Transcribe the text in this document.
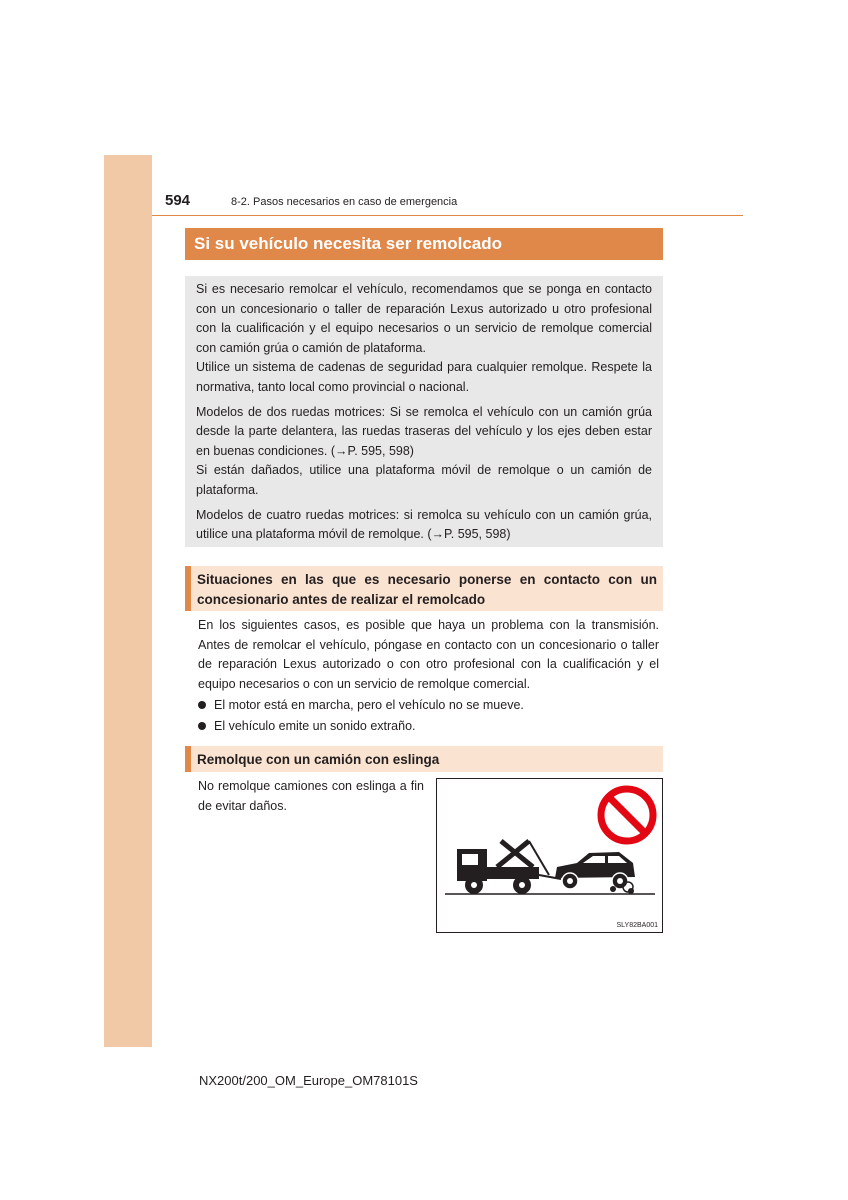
594	8-2. Pasos necesarios en caso de emergencia
Si su vehículo necesita ser remolcado

Si es necesario remolcar el vehículo, recomendamos que se ponga en contacto con un concesionario o taller de reparación Lexus autorizado u otro profesional con la cualificación y el equipo necesarios o un servicio de remolque comercial con camión grúa o camión de plataforma.
Utilice un sistema de cadenas de seguridad para cualquier remolque. Respete la normativa, tanto local como provincial o nacional.

Modelos de dos ruedas motrices: Si se remolca el vehículo con un camión grúa desde la parte delantera, las ruedas traseras del vehículo y los ejes deben estar en buenas condiciones. (→P. 595, 598)
Si están dañados, utilice una plataforma móvil de remolque o un camión de plataforma.

Modelos de cuatro ruedas motrices: si remolca su vehículo con un camión grúa, utilice una plataforma móvil de remolque. (→P. 595, 598)

Situaciones en las que es necesario ponerse en contacto con un concesionario antes de realizar el remolcado

En los siguientes casos, es posible que haya un problema con la transmisión. Antes de remolcar el vehículo, póngase en contacto con un concesionario o taller de reparación Lexus autorizado o con otro profesional con la cualificación y el equipo necesarios o con un servicio de remolque comercial.

El motor está en marcha, pero el vehículo no se mueve.
El vehículo emite un sonido extraño.
Remolque con un camión con eslinga
No remolque camiones con eslinga a fin de evitar daños.
SLY82BA001
NX200t/200_OM_Europe_OM78101S
